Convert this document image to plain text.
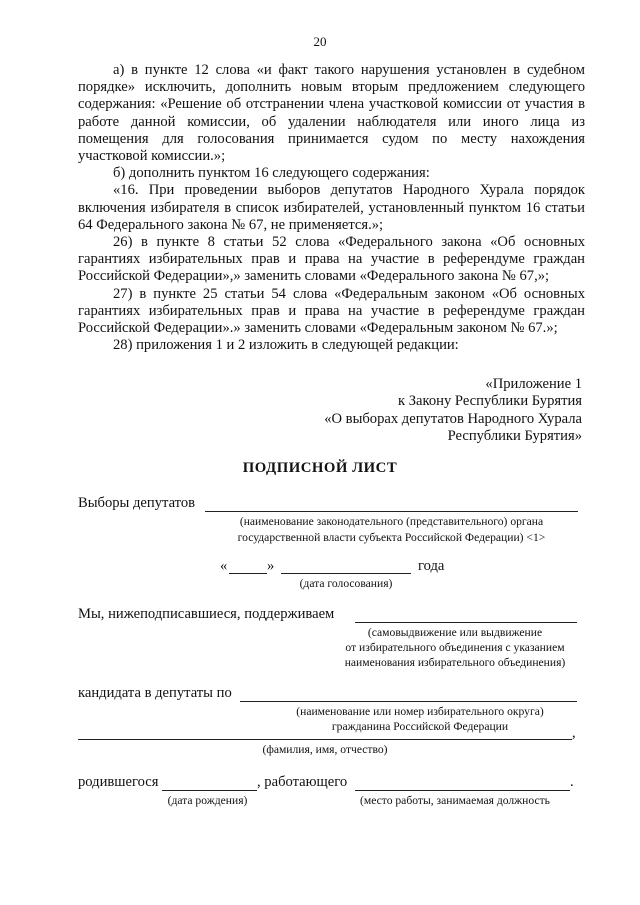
20

а) в пункте 12 слова «и факт такого нарушения установлен в судебном порядке» исключить, дополнить новым вторым предложением следующего содержания: «Решение об отстранении члена участковой комиссии от участия в работе данной комиссии, об удалении наблюдателя или иного лица из помещения для голосования принимается судом по месту нахождения участковой комиссии.»;

б) дополнить пунктом 16 следующего содержания:

«16. При проведении выборов депутатов Народного Хурала порядок включения избирателя в список избирателей, установленный пунктом 16 статьи 64 Федерального закона № 67, не применяется.»;

26) в пункте 8 статьи 52 слова «Федерального закона «Об основных гарантиях избирательных прав и права на участие в референдуме граждан Российской Федерации»,» заменить словами «Федерального закона № 67,»;

27) в пункте 25 статьи 54 слова «Федеральным законом «Об основных гарантиях избирательных прав и права на участие в референдуме граждан Российской Федерации».» заменить словами «Федеральным законом № 67.»;

28) приложения 1 и 2 изложить в следующей редакции:

«Приложение 1
к Закону Республики Бурятия
«О выборах депутатов Народного Хурала
Республики Бурятия»
ПОДПИСНОЙ ЛИСТ
Выборы депутатов
(наименование законодательного (представительного) органа
государственной власти субъекта Российской Федерации) <1>
«	»	года
(дата голосования)
Мы, нижеподписавшиеся, поддерживаем
(самовыдвижение или выдвижение
от избирательного объединения с указанием
наименования избирательного объединения)
кандидата в депутаты по
(наименование или номер избирательного округа)
гражданина Российской Федерации	,
(фамилия, имя, отчество)
родившегося	, работающего	.
(дата рождения)	(место работы, занимаемая должность
